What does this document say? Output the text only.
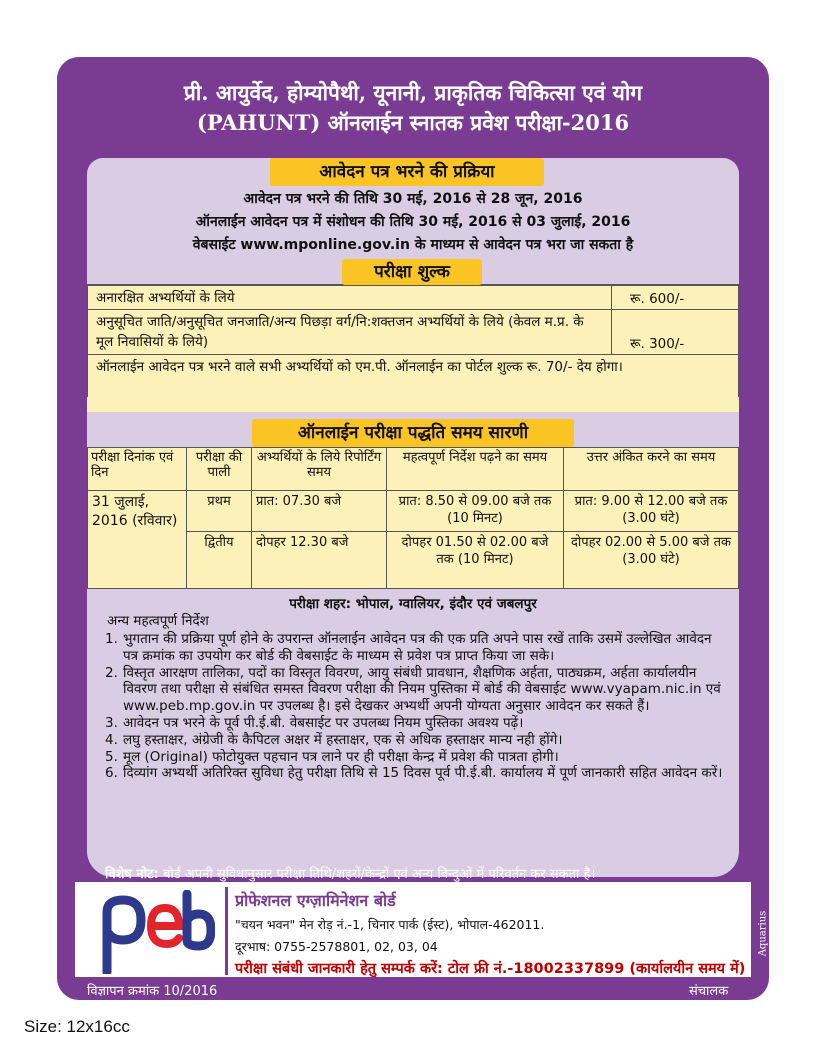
प्री. आयुर्वेद, होम्योपैथी, यूनानी, प्राकृतिक चिकित्सा एवं योग
(PAHUNT) ऑनलाईन स्नातक प्रवेश परीक्षा-2016
आवेदन पत्र भरने की प्रक्रिया
आवेदन पत्र भरने की तिथि 30 मई, 2016 से 28 जून, 2016
ऑनलाईन आवेदन पत्र में संशोधन की तिथि 30 मई, 2016 से 03 जुलाई, 2016
वेबसाईट www.mponline.gov.in के माध्यम से आवेदन पत्र भरा जा सकता है
अनारक्षित अभ्यर्थियों के लिये	रू. 600/-
अनुसूचित जाति/अनुसूचित जनजाति/अन्य पिछड़ा वर्ग/नि:शक्तजन अभ्यर्थियों के लिये (केवल म.प्र. के मूल निवासियों के लिये)	रू. 300/-
ऑनलाईन आवेदन पत्र भरने वाले सभी अभ्यर्थियों को एम.पी. ऑनलाईन का पोर्टल शुल्क रू. 70/- देय होगा।	
परीक्षा शुल्क
ऑनलाईन परीक्षा पद्धति समय सारणी
परीक्षा दिनांक एवं दिन	परीक्षा की पाली	अभ्यर्थियों के लिये रिपोर्टिंग समय	महत्वपूर्ण निर्देश पढ़ने का समय	उत्तर अंकित करने का समय
31 जुलाई, 2016 (रविवार)	प्रथम	प्रात: 07.30 बजे	प्रात: 8.50 से 09.00 बजे तक (10 मिनट)	प्रात: 9.00 से 12.00 बजे तक (3.00 घंटे)
	द्वितीय	दोपहर 12.30 बजे	दोपहर 01.50 से 02.00 बजे तक (10 मिनट)	दोपहर 02.00 से 5.00 बजे तक (3.00 घंटे)
परीक्षा शहर: भोपाल, ग्वालियर, इंदौर एवं जबलपुर
अन्य महत्वपूर्ण निर्देश
1. भुगतान की प्रक्रिया पूर्ण होने के उपरान्त ऑनलाईन आवेदन पत्र की एक प्रति अपने पास रखें ताकि उसमें उल्लेखित आवेदन पत्र क्रमांक का उपयोग कर बोर्ड की वेबसाईट के माध्यम से प्रवेश पत्र प्राप्त किया जा सके।
2. विस्तृत आरक्षण तालिका, पदों का विस्तृत विवरण, आयु संबंधी प्रावधान, शैक्षणिक अर्हता, पाठ्यक्रम, अर्हता कार्यालयीन विवरण तथा परीक्षा से संबंधित समस्त विवरण परीक्षा की नियम पुस्तिका में बोर्ड की वेबसाईट www.vyapam.nic.in एवं www.peb.mp.gov.in पर उपलब्ध है। इसे देखकर अभ्यर्थी अपनी योग्यता अनुसार आवेदन कर सकते हैं।
3. आवेदन पत्र भरने के पूर्व पी.ई.बी. वेबसाईट पर उपलब्ध नियम पुस्तिका अवश्य पढ़ें।
4. लघु हस्ताक्षर, अंग्रेजी के कैपिटल अक्षर में हस्ताक्षर, एक से अधिक हस्ताक्षर मान्य नही होंगे।
5. मूल (Original) फोटोयुक्त पहचान पत्र लाने पर ही परीक्षा केन्द्र में प्रवेश की पात्रता होगी।
6. दिव्यांग अभ्यर्थी अतिरिक्त सुविधा हेतु परीक्षा तिथि से 15 दिवस पूर्व पी.ई.बी. कार्यालय में पूर्ण जानकारी सहित आवेदन करें।
विशेष नोट: बोर्ड अपनी सुविधानुसार परीक्षा तिथि/शहरों/केन्द्रों एवं अन्य बिन्दुओं में परिवर्तन कर सकता है।
प्रोफेशनल एग्ज़ामिनेशन बोर्ड
"चयन भवन" मेन रोड़ नं.-1, चिनार पार्क (ईस्ट), भोपाल-462011.
दूरभाष: 0755-2578801, 02, 03, 04
परीक्षा संबंधी जानकारी हेतु सम्पर्क करें: टोल फ्री नं.-18002337899 (कार्यालयीन समय में)
Aquarius
विज्ञापन क्रमांक 10/2016	संचालक
Size: 12x16cc
